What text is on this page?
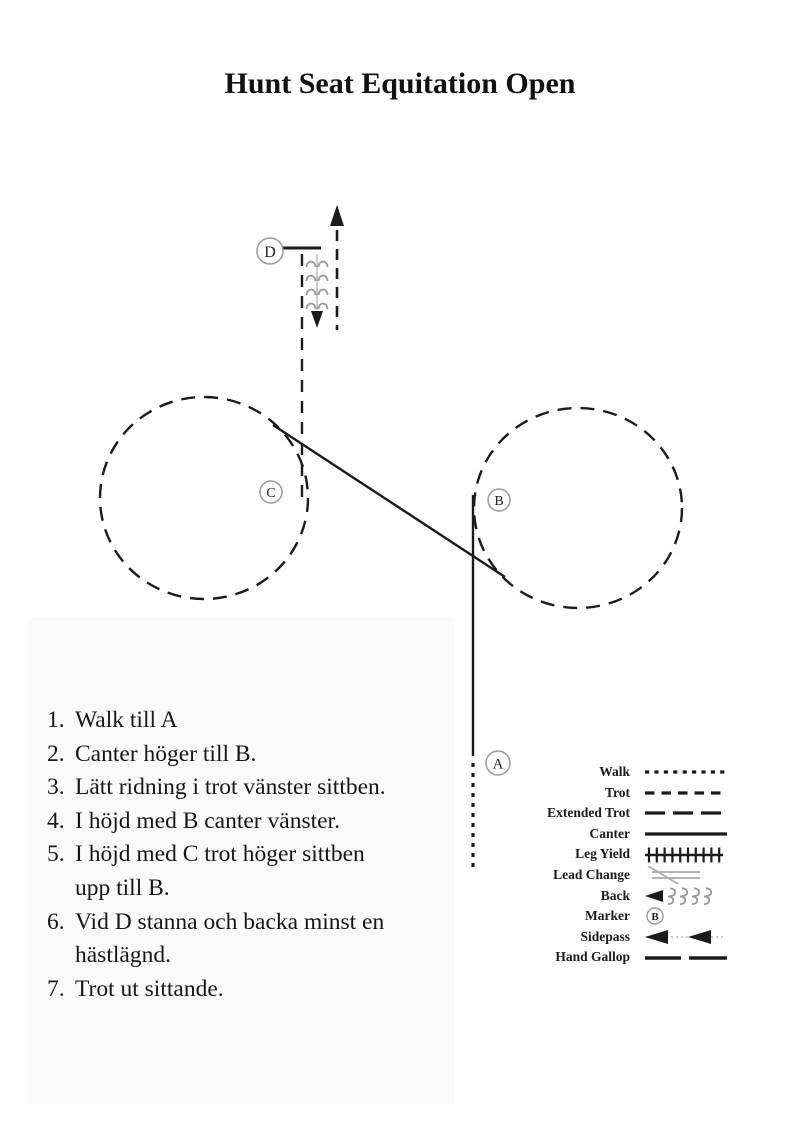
Hunt Seat Equitation Open
D
C
B
A
1. Walk till A
2. Canter höger till B.
3. Lätt ridning i trot vänster sittben.
4. I höjd med B canter vänster.
5. I höjd med C trot höger sittben
upp till B.
6. Vid D stanna och backa minst en
hästlägnd.
7. Trot ut sittande.
Walk
Trot
Extended Trot
Canter
Leg Yield
Lead Change
Back
Marker B
Sidepass
Hand Gallop
